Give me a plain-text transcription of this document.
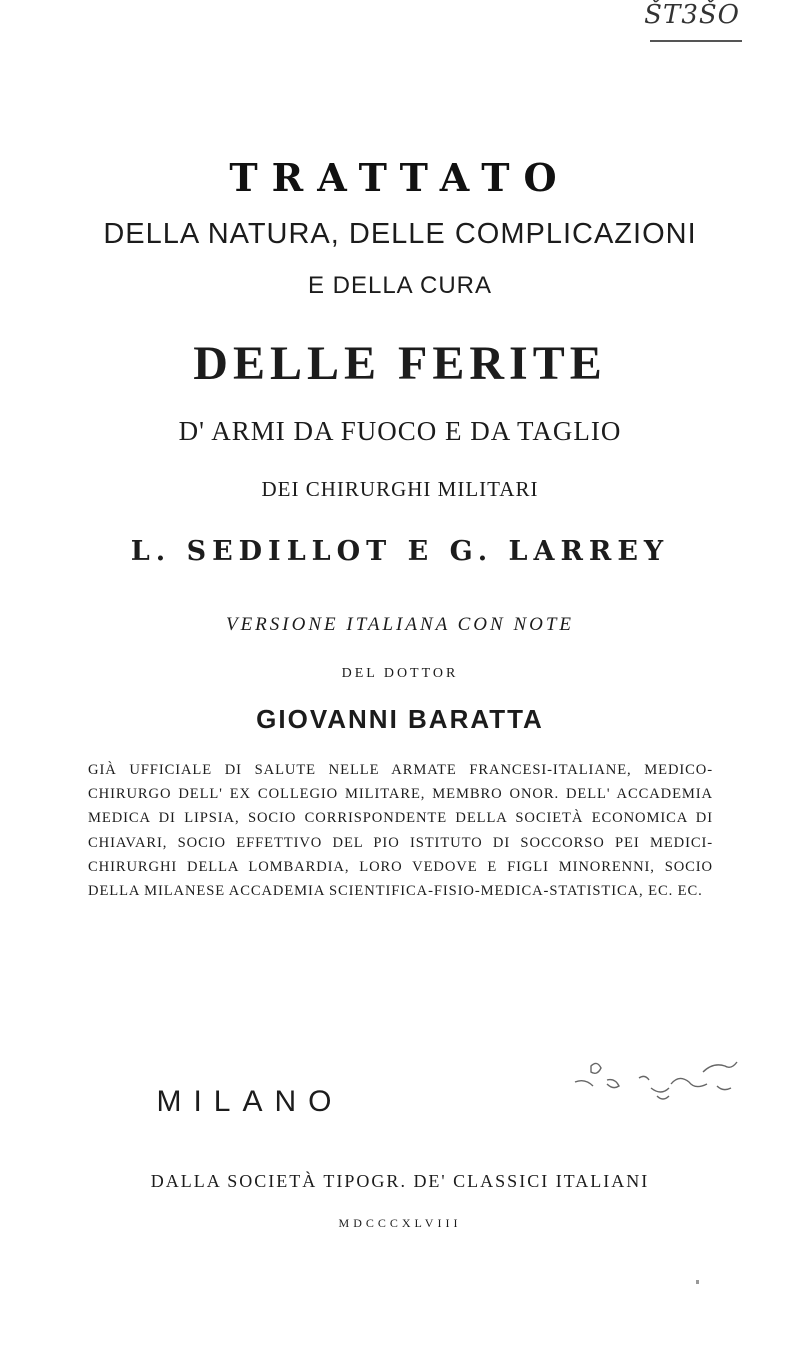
ŠT3ŠO
TRATTATO
DELLA NATURA, DELLE COMPLICAZIONI
E DELLA CURA
DELLE FERITE
D' ARMI DA FUOCO E DA TAGLIO
DEI CHIRURGHI MILITARI
L. SEDILLOT E G. LARREY
VERSIONE ITALIANA CON NOTE
DEL DOTTOR
GIOVANNI BARATTA
GIÀ UFFICIALE DI SALUTE NELLE ARMATE FRANCESI-ITALIANE, MEDICO-CHIRURGO DELL' EX COLLEGIO MILITARE, MEMBRO ONOR. DELL' ACCADEMIA MEDICA DI LIPSIA, SOCIO CORRISPONDENTE DELLA SOCIETÀ ECONOMICA DI CHIAVARI, SOCIO EFFETTIVO DEL PIO ISTITUTO DI SOCCORSO PEI MEDICI-CHIRURGHI DELLA LOMBARDIA, LORO VEDOVE E FIGLI MINORENNI, SOCIO DELLA MILANESE ACCADEMIA SCIENTIFICA-FISIO-MEDICA-STATISTICA, EC. EC.
MILANO
DALLA SOCIETÀ TIPOGR. DE' CLASSICI ITALIANI
MDCCCXLVIII
